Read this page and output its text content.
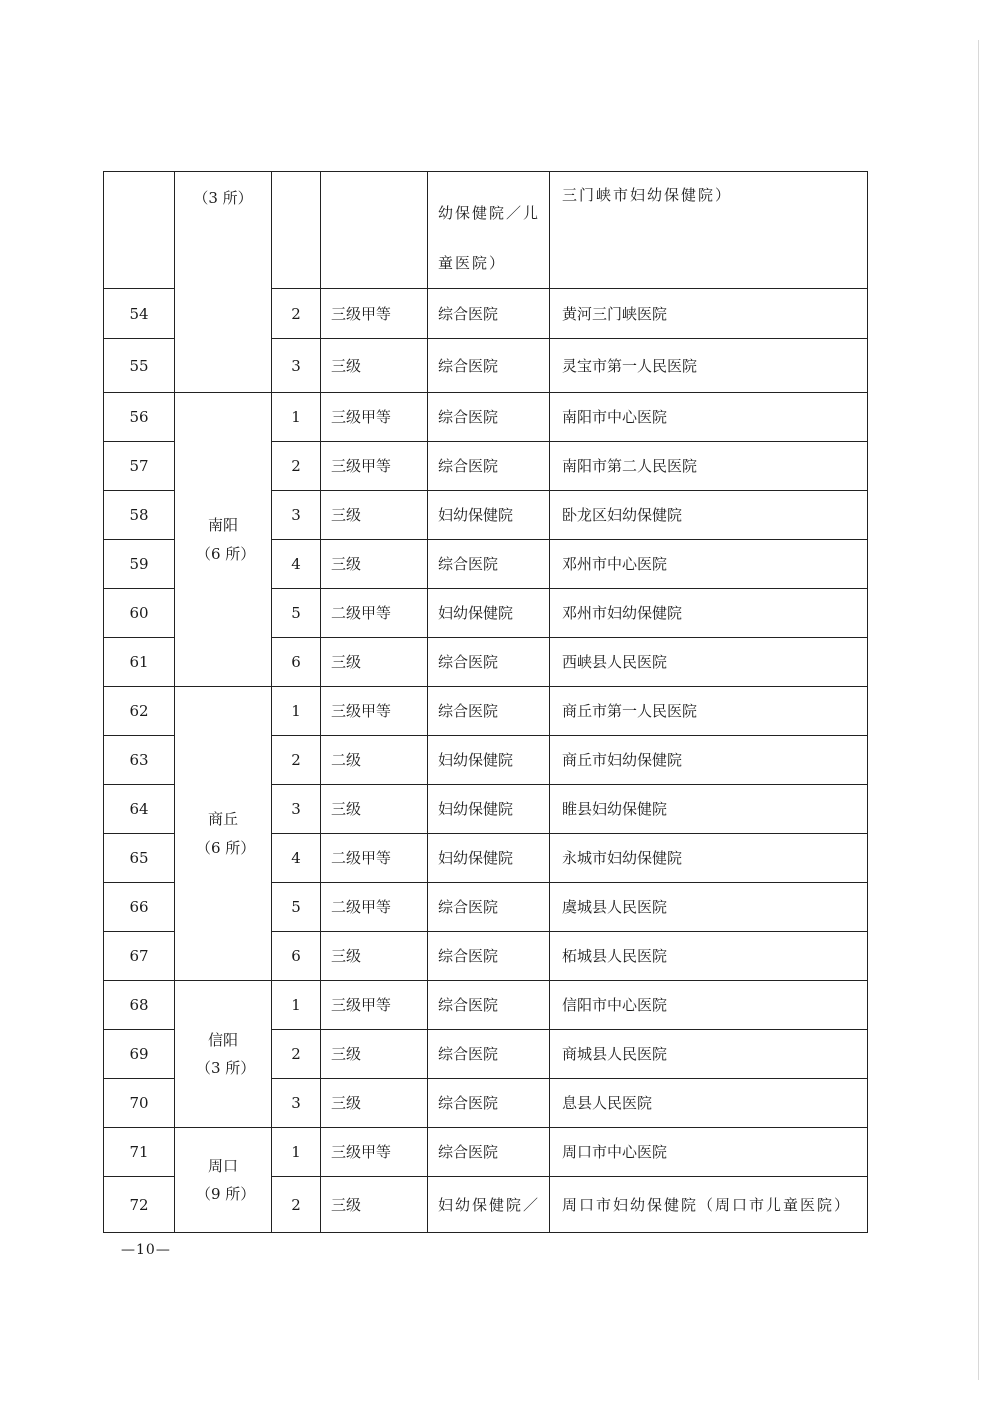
	（3 所）			幼保健院／儿童医院）	三门峡市妇幼保健院）
54		2	三级甲等	综合医院	黄河三门峡医院
55		3	三级	综合医院	灵宝市第一人民医院
56	南阳（6 所）	1	三级甲等	综合医院	南阳市中心医院
57		2	三级甲等	综合医院	南阳市第二人民医院
58		3	三级	妇幼保健院	卧龙区妇幼保健院
59		4	三级	综合医院	邓州市中心医院
60		5	二级甲等	妇幼保健院	邓州市妇幼保健院
61		6	三级	综合医院	西峡县人民医院
62	商丘（6 所）	1	三级甲等	综合医院	商丘市第一人民医院
63		2	二级	妇幼保健院	商丘市妇幼保健院
64		3	三级	妇幼保健院	睢县妇幼保健院
65		4	二级甲等	妇幼保健院	永城市妇幼保健院
66		5	二级甲等	综合医院	虞城县人民医院
67		6	三级	综合医院	柘城县人民医院
68	信阳（3 所）	1	三级甲等	综合医院	信阳市中心医院
69		2	三级	综合医院	商城县人民医院
70		3	三级	综合医院	息县人民医院
71	周口（9 所）	1	三级甲等	综合医院	周口市中心医院
72		2	三级	妇幼保健院／	周口市妇幼保健院（周口市儿童医院）
—10—
